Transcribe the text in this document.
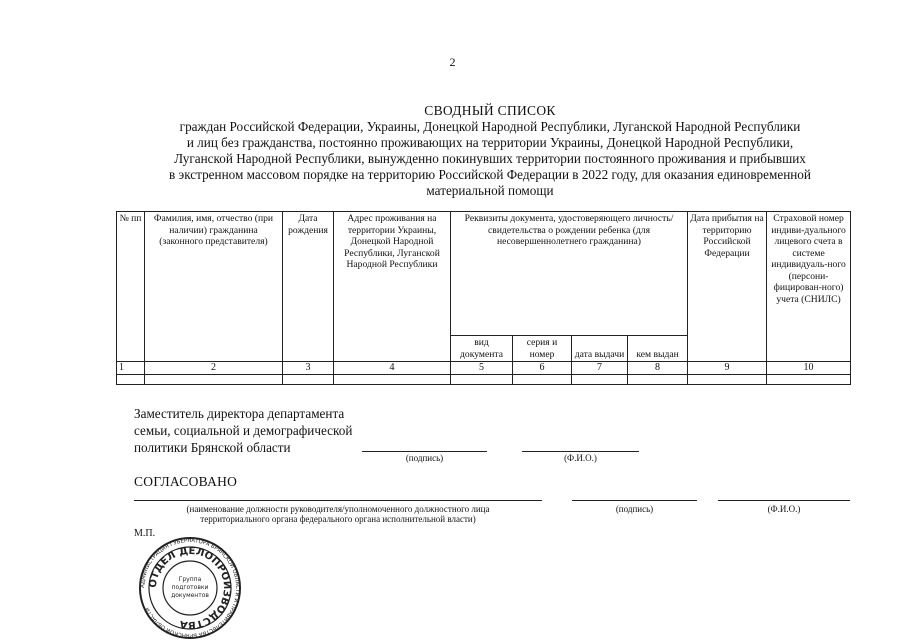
2
СВОДНЫЙ СПИСОК
граждан Российской Федерации, Украины, Донецкой Народной Республики, Луганской Народной Республики
и лиц без гражданства, постоянно проживающих на территории Украины, Донецкой Народной Республики,
Луганской Народной Республики, вынужденно покинувших территории постоянного проживания и прибывших
в экстренном массовом порядке на территорию Российской Федерации в 2022 году, для оказания единовременной
материальной помощи
№ пп	Фамилия, имя, отчество (при наличии) гражданина (законного представителя)	Дата рождения	Адрес проживания на территории Украины, Донецкой Народной Республики, Луганской Народной Республики	Реквизиты документа, удостоверяющего личность/свидетельства о рождении ребенка (для несовершеннолетнего гражданина)				Дата прибытия на территорию Российской Федерации	Страховой номер индиви-дуального лицевого счета в системе индивидуаль-ного (персони-фицирован-ного) учета (СНИЛС)
				вид документа	серия и номер	дата выдачи	кем выдан		
1	2	3	4	5	6	7	8	9	10

Заместитель директора департамента
семьи, социальной и демографической
политики Брянской области
(подпись)	(Ф.И.О.)
СОГЛАСОВАНО
(наименование должности руководителя/уполномоченного должностного лица
территориального органа федерального органа исполнительной власти)
(подпись)	(Ф.И.О.)
М.П.
АДМИНИСТРАЦИЯ ГУБЕРНАТОРА БРЯНСКОЙ ОБЛАСТИ И ПРАВИТЕЛЬСТВА БРЯНСКОЙ ОБЛАСТИ
ОТДЕЛ ДЕЛОПРОИЗВОДСТВА
Группа
подготовки
документов
